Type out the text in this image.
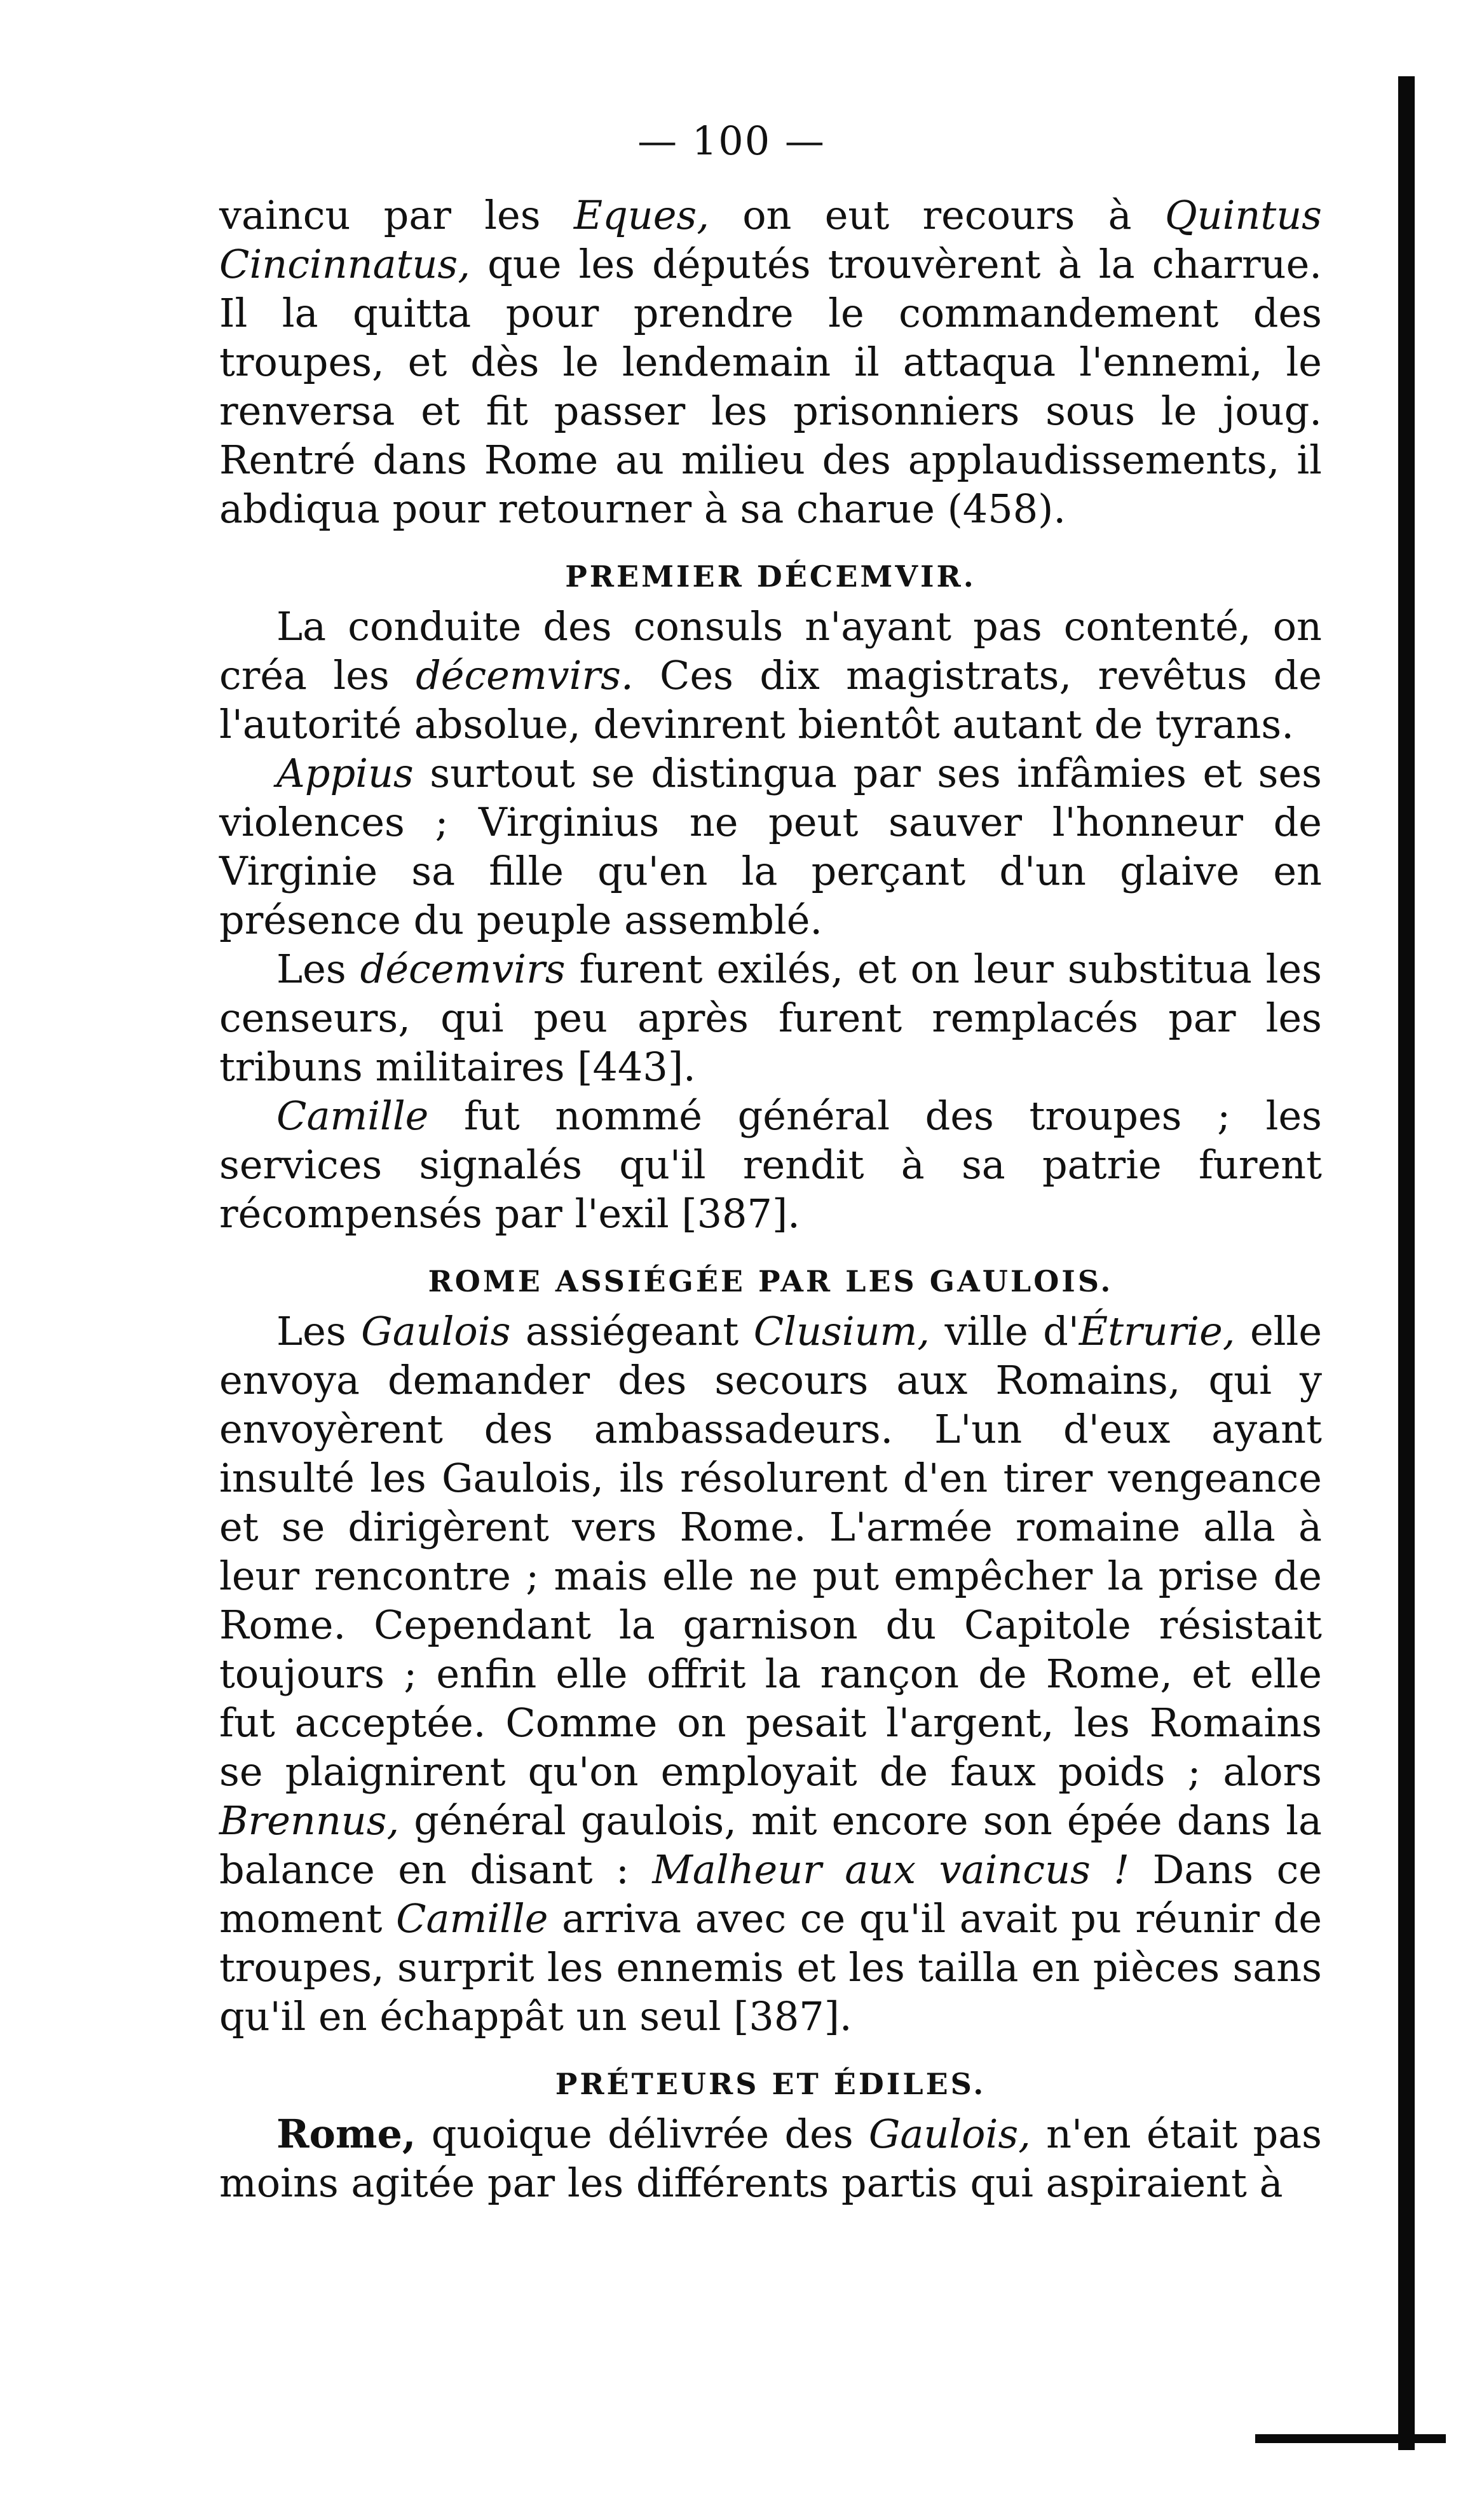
— 100 —

vaincu par les Eques, on eut recours à Quintus Cincinnatus, que les députés trouvèrent à la charrue. Il la quitta pour prendre le commandement des troupes, et dès le lendemain il attaqua l'ennemi, le renversa et fit passer les prisonniers sous le joug. Rentré dans Rome au milieu des applaudissements, il abdiqua pour retourner à sa charue (458).

PREMIER DÉCEMVIR.

La conduite des consuls n'ayant pas contenté, on créa les décemvirs. Ces dix magistrats, revêtus de l'autorité absolue, devinrent bientôt autant de tyrans.

Appius surtout se distingua par ses infâmies et ses violences ; Virginius ne peut sauver l'honneur de Virginie sa fille qu'en la perçant d'un glaive en présence du peuple assemblé.

Les décemvirs furent exilés, et on leur substitua les censeurs, qui peu après furent remplacés par les tribuns militaires [443].

Camille fut nommé général des troupes ; les services signalés qu'il rendit à sa patrie furent récompensés par l'exil [387].

ROME ASSIÉGÉE PAR LES GAULOIS.

Les Gaulois assiégeant Clusium, ville d'Étrurie, elle envoya demander des secours aux Romains, qui y envoyèrent des ambassadeurs. L'un d'eux ayant insulté les Gaulois, ils résolurent d'en tirer vengeance et se dirigèrent vers Rome. L'armée romaine alla à leur rencontre ; mais elle ne put empêcher la prise de Rome. Cependant la garnison du Capitole résistait toujours ; enfin elle offrit la rançon de Rome, et elle fut acceptée. Comme on pesait l'argent, les Romains se plaignirent qu'on employait de faux poids ; alors Brennus, général gaulois, mit encore son épée dans la balance en disant : Malheur aux vaincus ! Dans ce moment Camille arriva avec ce qu'il avait pu réunir de troupes, surprit les ennemis et les tailla en pièces sans qu'il en échappât un seul [387].

PRÉTEURS ET ÉDILES.

Rome, quoique délivrée des Gaulois, n'en était pas moins agitée par les différents partis qui aspiraient à
